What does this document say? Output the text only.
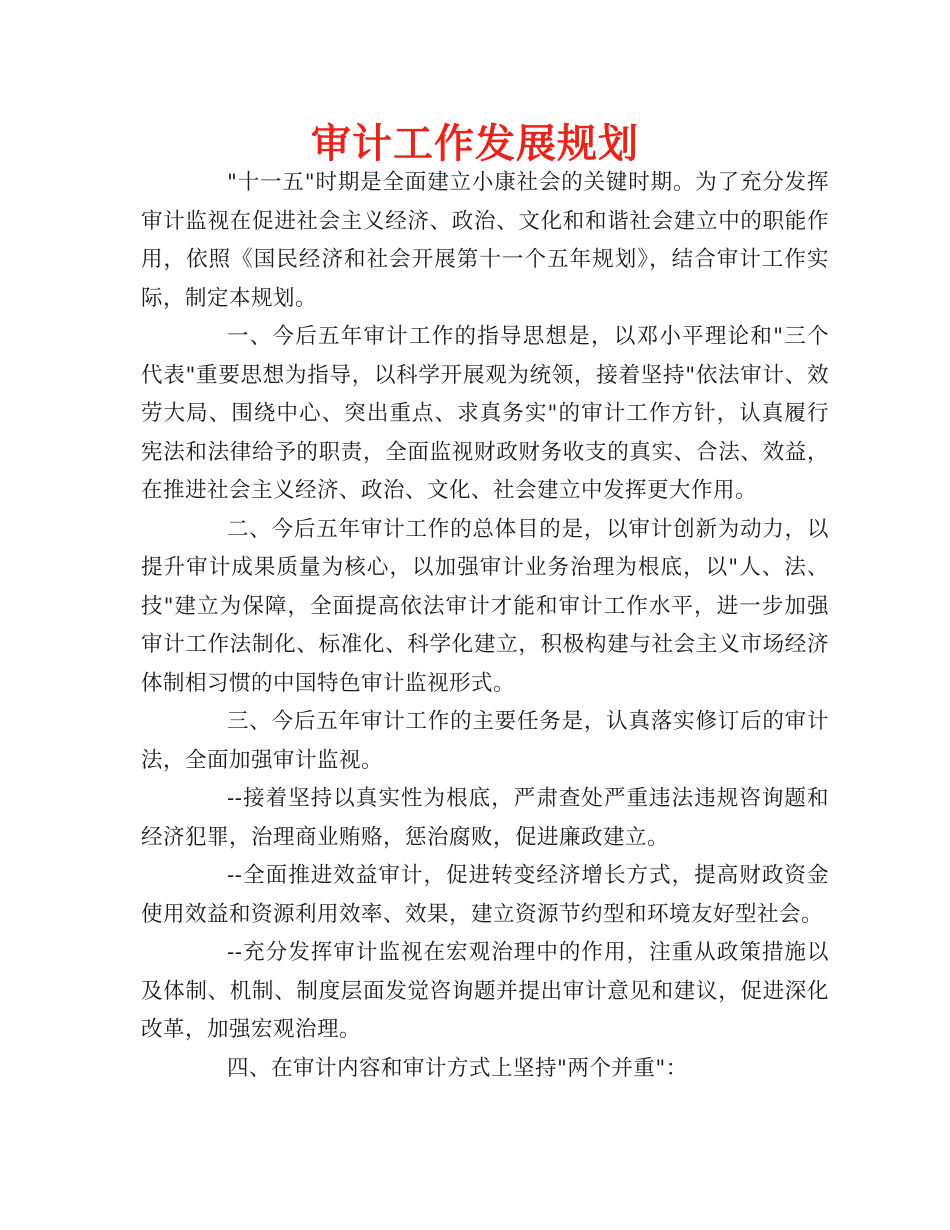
审计工作发展规划

"十一五"时期是全面建立小康社会的关键时期。为了充分发挥审计监视在促进社会主义经济、政治、文化和和谐社会建立中的职能作用，依照《国民经济和社会开展第十一个五年规划》，结合审计工作实际，制定本规划。

一、今后五年审计工作的指导思想是，以邓小平理论和"三个代表"重要思想为指导，以科学开展观为统领，接着坚持"依法审计、效劳大局、围绕中心、突出重点、求真务实"的审计工作方针，认真履行宪法和法律给予的职责，全面监视财政财务收支的真实、合法、效益，在推进社会主义经济、政治、文化、社会建立中发挥更大作用。

二、今后五年审计工作的总体目的是，以审计创新为动力，以提升审计成果质量为核心，以加强审计业务治理为根底，以"人、法、技"建立为保障，全面提高依法审计才能和审计工作水平，进一步加强审计工作法制化、标准化、科学化建立，积极构建与社会主义市场经济体制相习惯的中国特色审计监视形式。

三、今后五年审计工作的主要任务是，认真落实修订后的审计法，全面加强审计监视。

--接着坚持以真实性为根底，严肃查处严重违法违规咨询题和经济犯罪，治理商业贿赂，惩治腐败，促进廉政建立。

--全面推进效益审计，促进转变经济增长方式，提高财政资金使用效益和资源利用效率、效果，建立资源节约型和环境友好型社会。

--充分发挥审计监视在宏观治理中的作用，注重从政策措施以及体制、机制、制度层面发觉咨询题并提出审计意见和建议，促进深化改革，加强宏观治理。

四、在审计内容和审计方式上坚持"两个并重"：
